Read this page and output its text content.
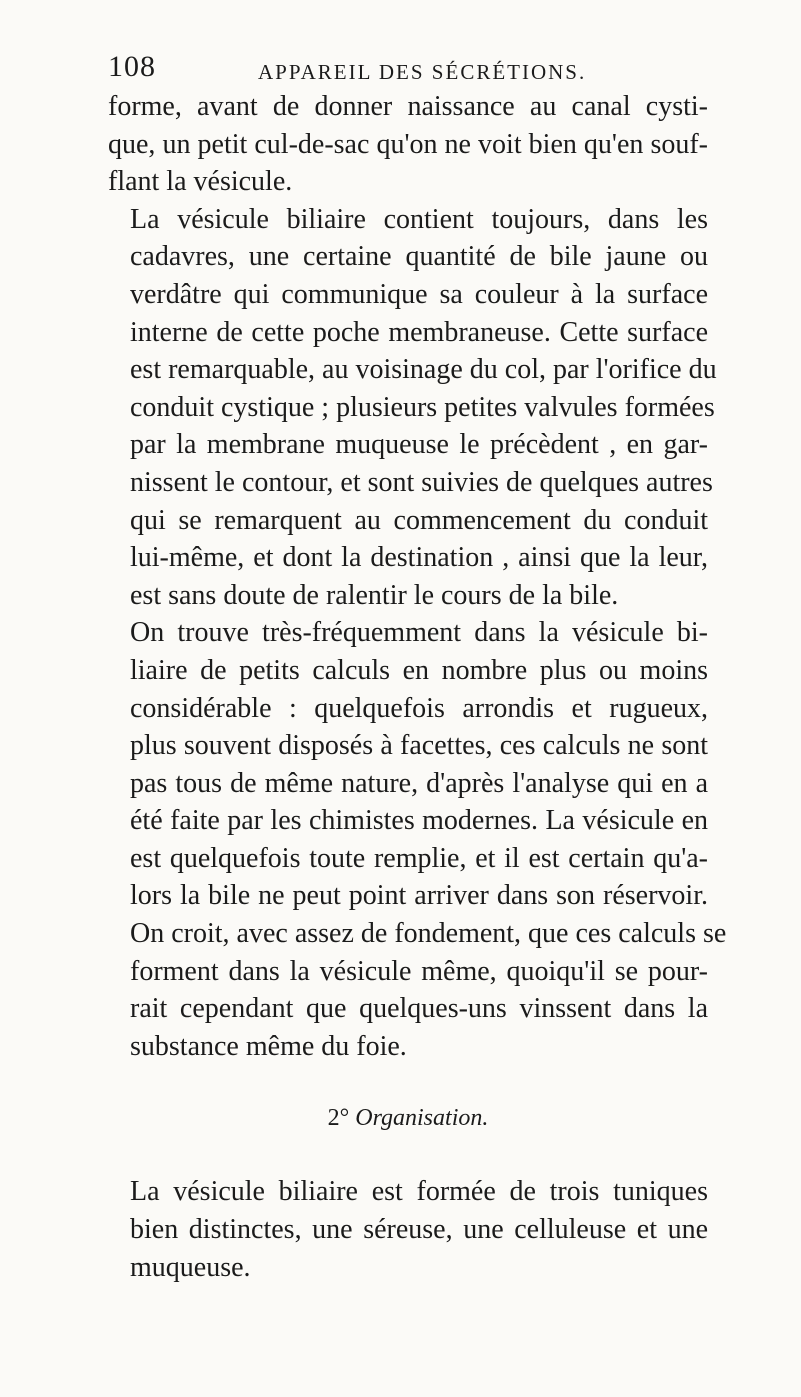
108	APPAREIL DES SÉCRÉTIONS.

forme, avant de donner naissance au canal cysti-
que, un petit cul-de-sac qu'on ne voit bien qu'en souf-
flant la vésicule.

La vésicule biliaire contient toujours, dans les
cadavres, une certaine quantité de bile jaune ou
verdâtre qui communique sa couleur à la surface
interne de cette poche membraneuse. Cette surface
est remarquable, au voisinage du col, par l'orifice du
conduit cystique ; plusieurs petites valvules formées
par la membrane muqueuse le précèdent , en gar-
nissent le contour, et sont suivies de quelques autres
qui se remarquent au commencement du conduit
lui-même, et dont la destination , ainsi que la leur,
est sans doute de ralentir le cours de la bile.

On trouve très-fréquemment dans la vésicule bi-
liaire de petits calculs en nombre plus ou moins
considérable : quelquefois arrondis et rugueux,
plus souvent disposés à facettes, ces calculs ne sont
pas tous de même nature, d'après l'analyse qui en a
été faite par les chimistes modernes. La vésicule en
est quelquefois toute remplie, et il est certain qu'a-
lors la bile ne peut point arriver dans son réservoir.
On croit, avec assez de fondement, que ces calculs se
forment dans la vésicule même, quoiqu'il se pour-
rait cependant que quelques-uns vinssent dans la
substance même du foie.

2° Organisation.

La vésicule biliaire est formée de trois tuniques
bien distinctes, une séreuse, une celluleuse et une
muqueuse.
